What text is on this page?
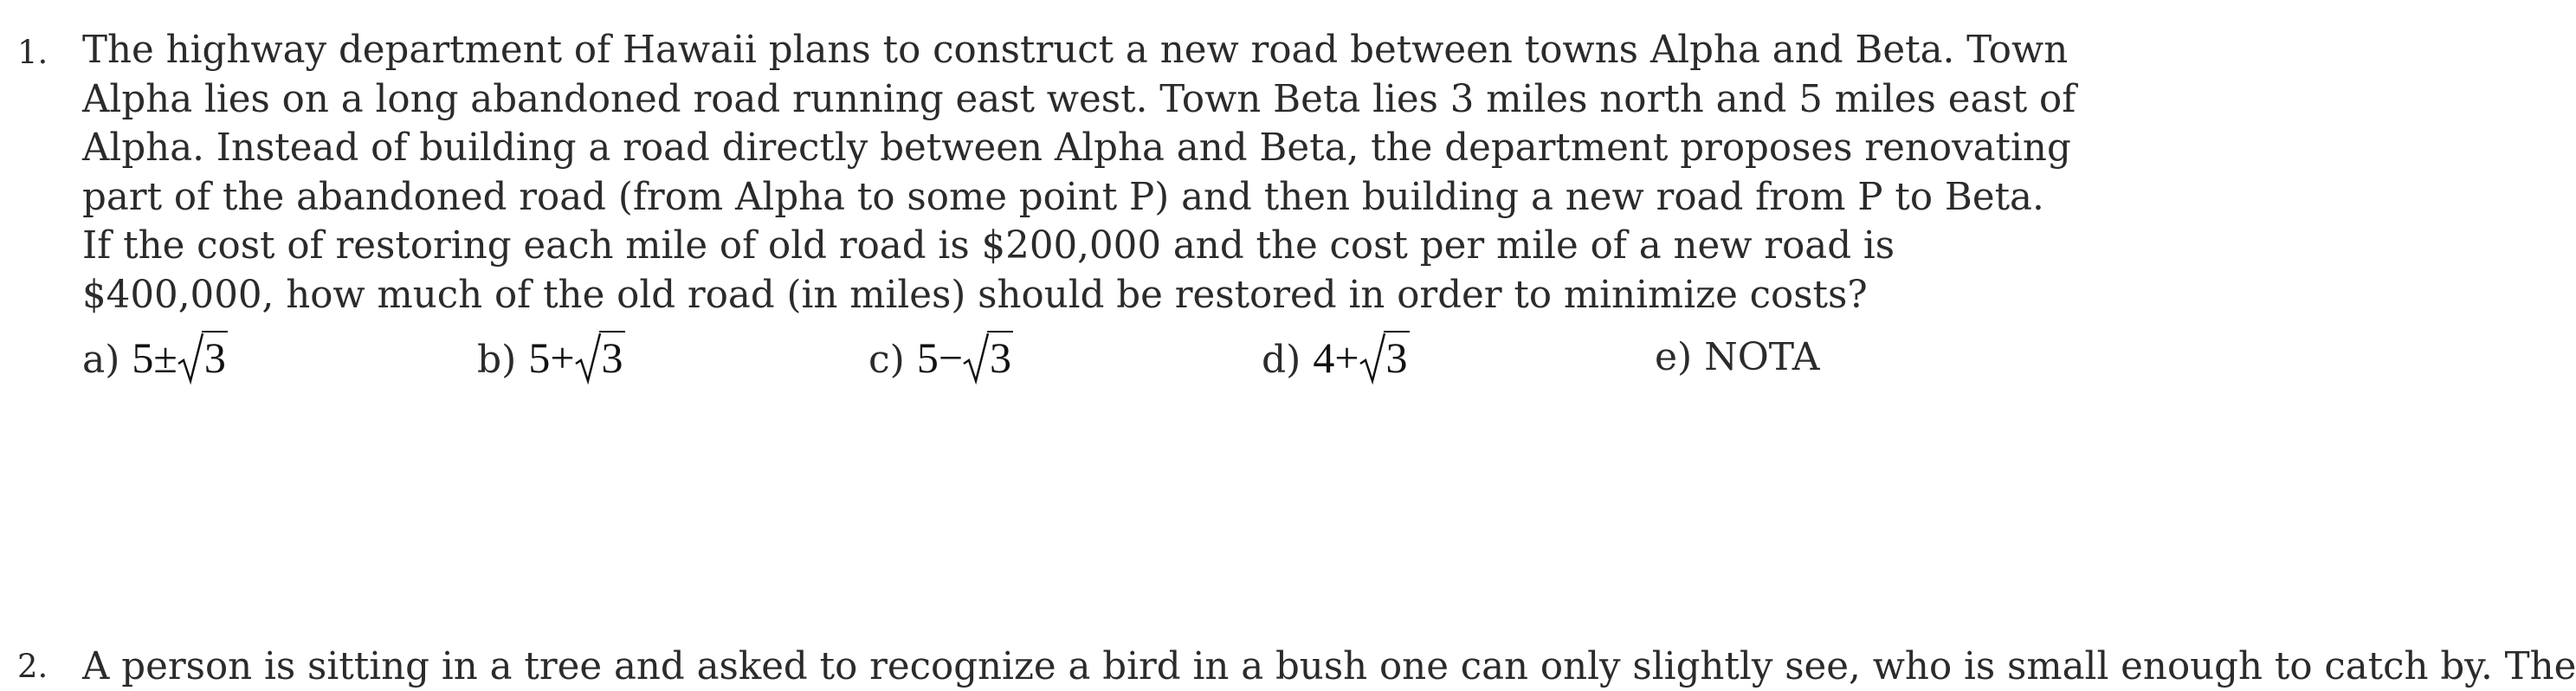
1. The highway department of Hawaii plans to construct a new road between towns Alpha and Beta. Town
Alpha lies on a long abandoned road running east west. Town Beta lies 3 miles north and 5 miles east of
Alpha. Instead of building a road directly between Alpha and Beta, the department proposes renovating
part of the abandoned road (from Alpha to some point P) and then building a new road from P to Beta.
If the cost of restoring each mile of old road is $200,000 and the cost per mile of a new road is
$400,000, how much of the old road (in miles) should be restored in order to minimize costs?
a) 5± 3	b) 5+ 3	c) 5− 3	d) 4+ 3	e) NOTA
2. A person is sitting in a tree and asked to recognize a bird in a bush one can only slightly see, who is small enough to catch by. The
